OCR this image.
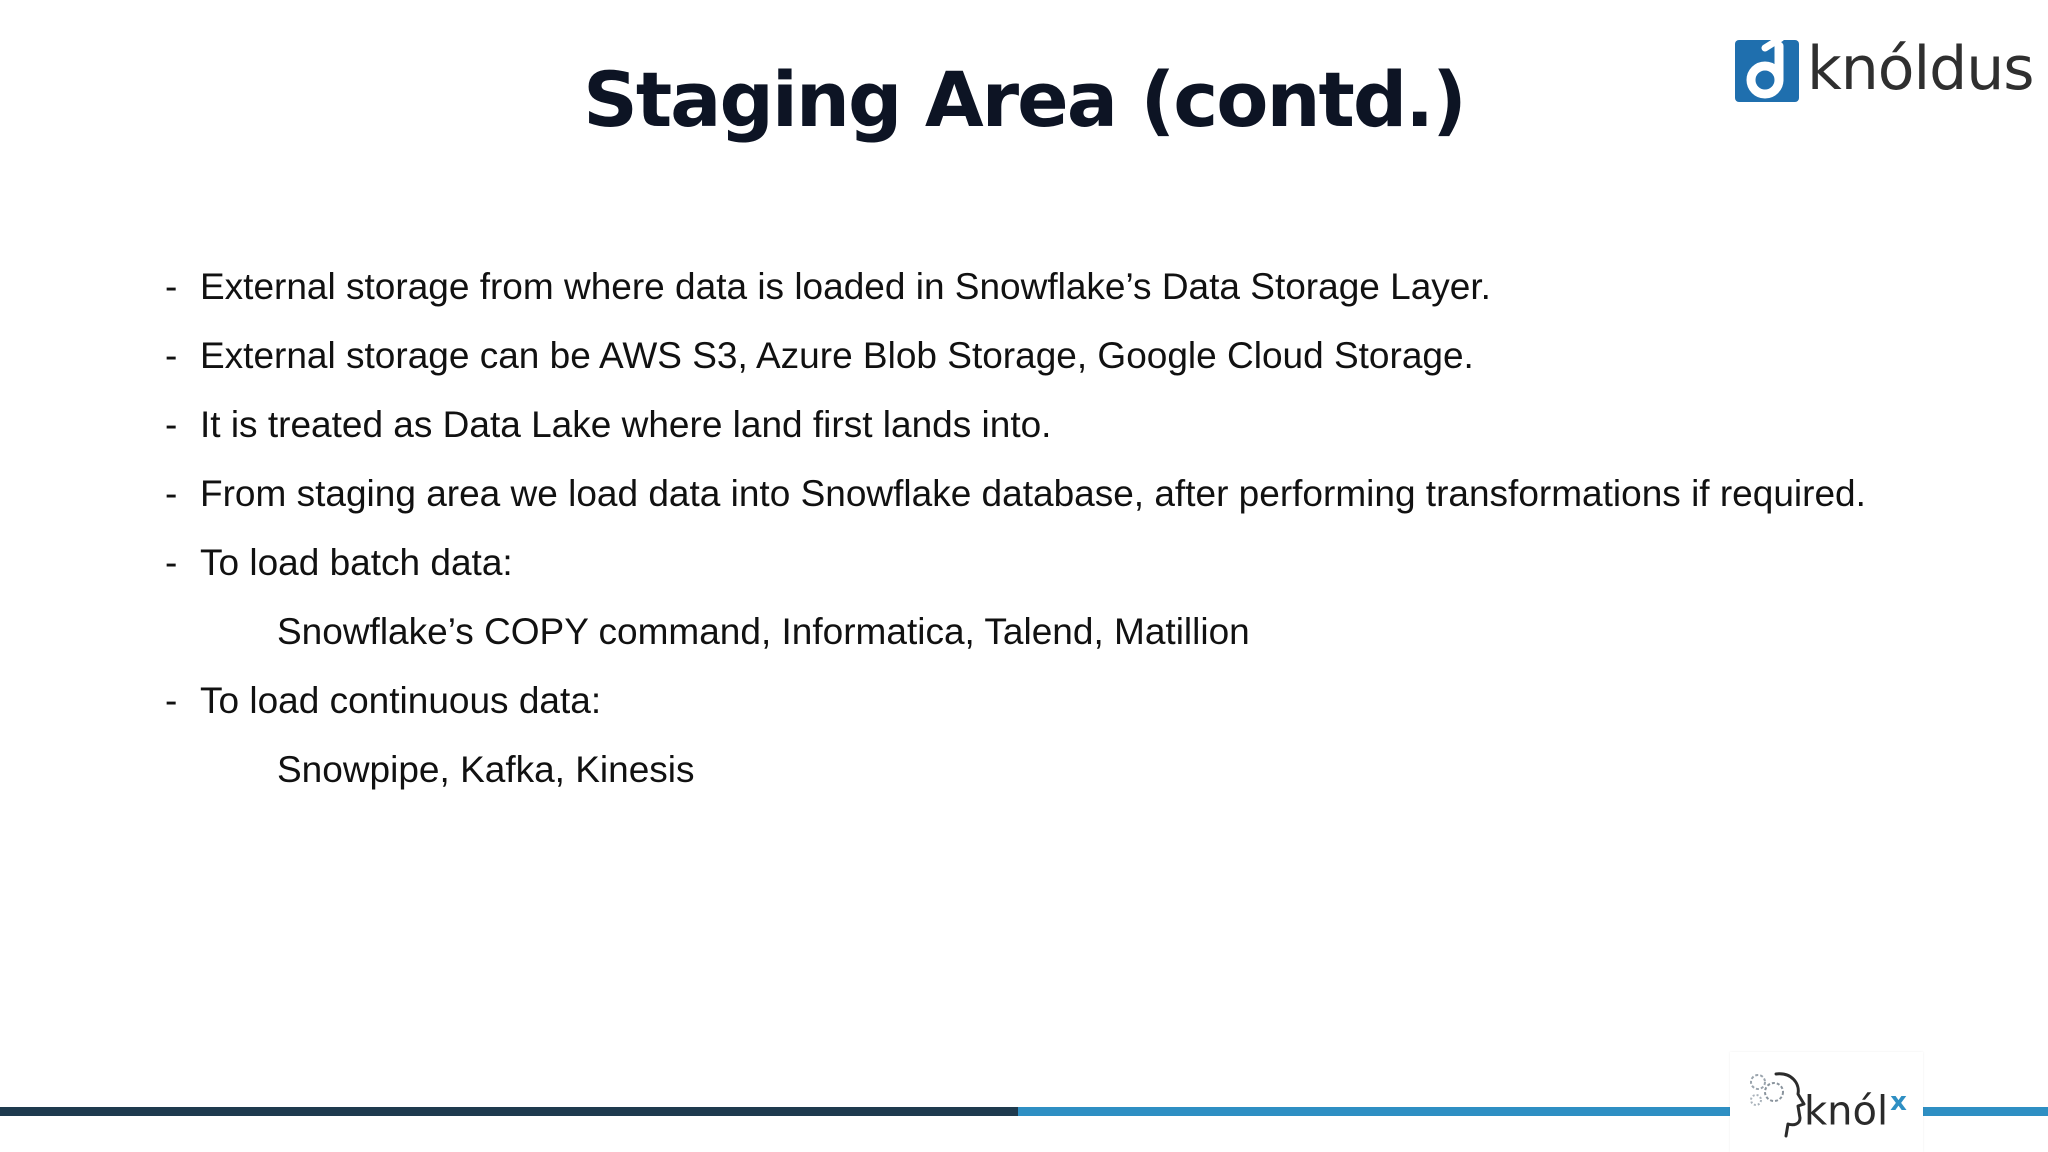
Staging Area (contd.)	knóldus
- External storage from where data is loaded in Snowflake’s Data Storage Layer.
- External storage can be AWS S3, Azure Blob Storage, Google Cloud Storage.
- It is treated as Data Lake where land first lands into.
- From staging area we load data into Snowflake database, after performing transformations if required.
- To load batch data:
Snowflake’s COPY command, Informatica, Talend, Matillion
- To load continuous data:
Snowpipe, Kafka, Kinesis
knól$^x$
